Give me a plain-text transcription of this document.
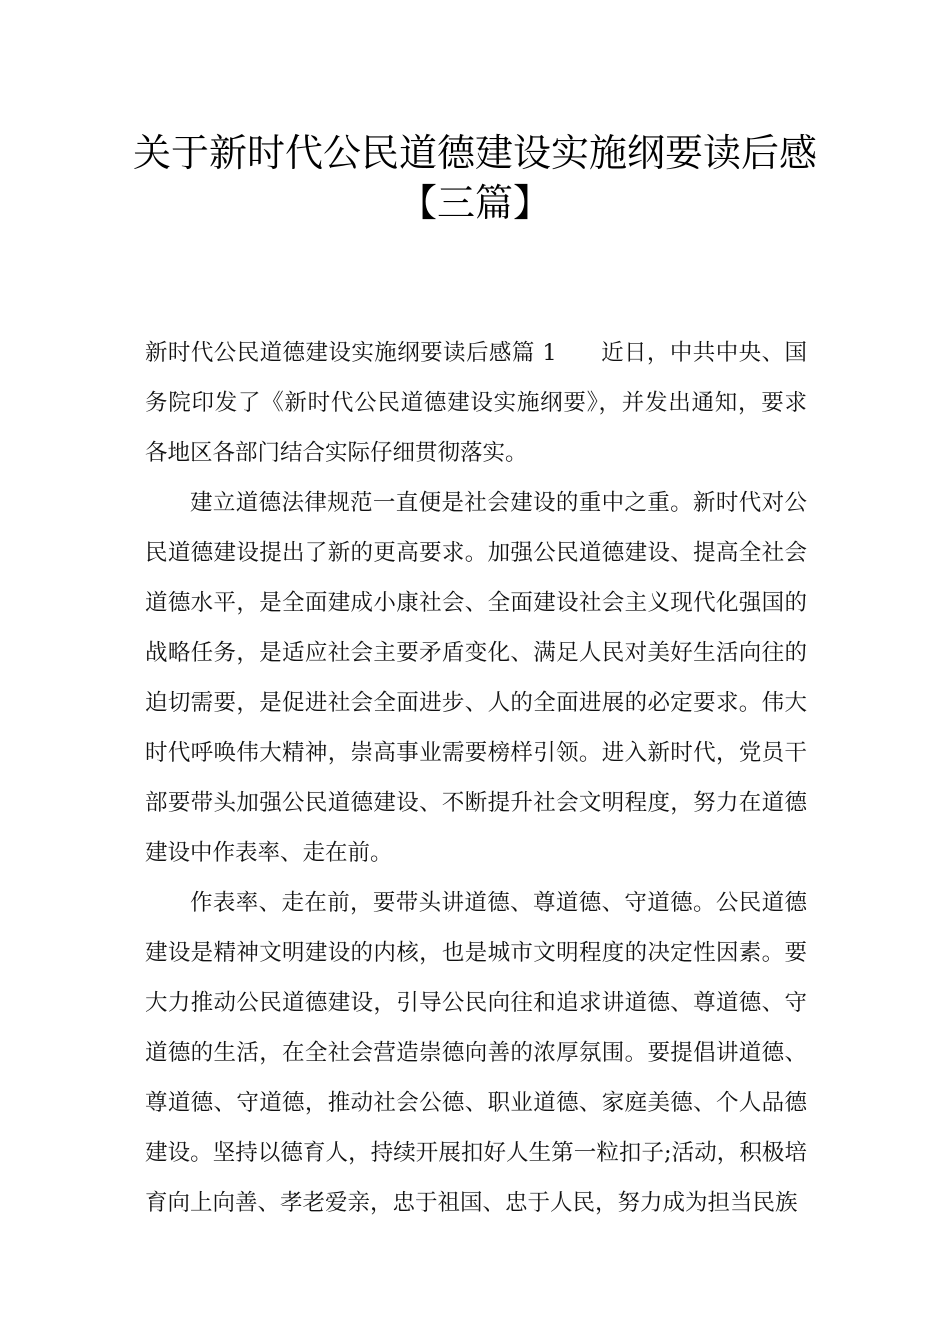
关于新时代公民道德建设实施纲要读后感【三篇】

新时代公民道德建设实施纲要读后感篇 1 近日，中共中央、国务院印发了《新时代公民道德建设实施纲要》，并发出通知，要求各地区各部门结合实际仔细贯彻落实。

建立道德法律规范一直便是社会建设的重中之重。新时代对公民道德建设提出了新的更高要求。加强公民道德建设、提高全社会道德水平，是全面建成小康社会、全面建设社会主义现代化强国的战略任务，是适应社会主要矛盾变化、满足人民对美好生活向往的迫切需要，是促进社会全面进步、人的全面进展的必定要求。伟大时代呼唤伟大精神，崇高事业需要榜样引领。进入新时代，党员干部要带头加强公民道德建设、不断提升社会文明程度，努力在道德建设中作表率、走在前。

作表率、走在前，要带头讲道德、尊道德、守道德。公民道德建设是精神文明建设的内核，也是城市文明程度的决定性因素。要大力推动公民道德建设，引导公民向往和追求讲道德、尊道德、守道德的生活，在全社会营造崇德向善的浓厚氛围。要提倡讲道德、尊道德、守道德，推动社会公德、职业道德、家庭美德、个人品德建设。坚持以德育人，持续开展扣好人生第一粒扣子;活动，积极培育向上向善、孝老爱亲，忠于祖国、忠于人民，努力成为担当民族
